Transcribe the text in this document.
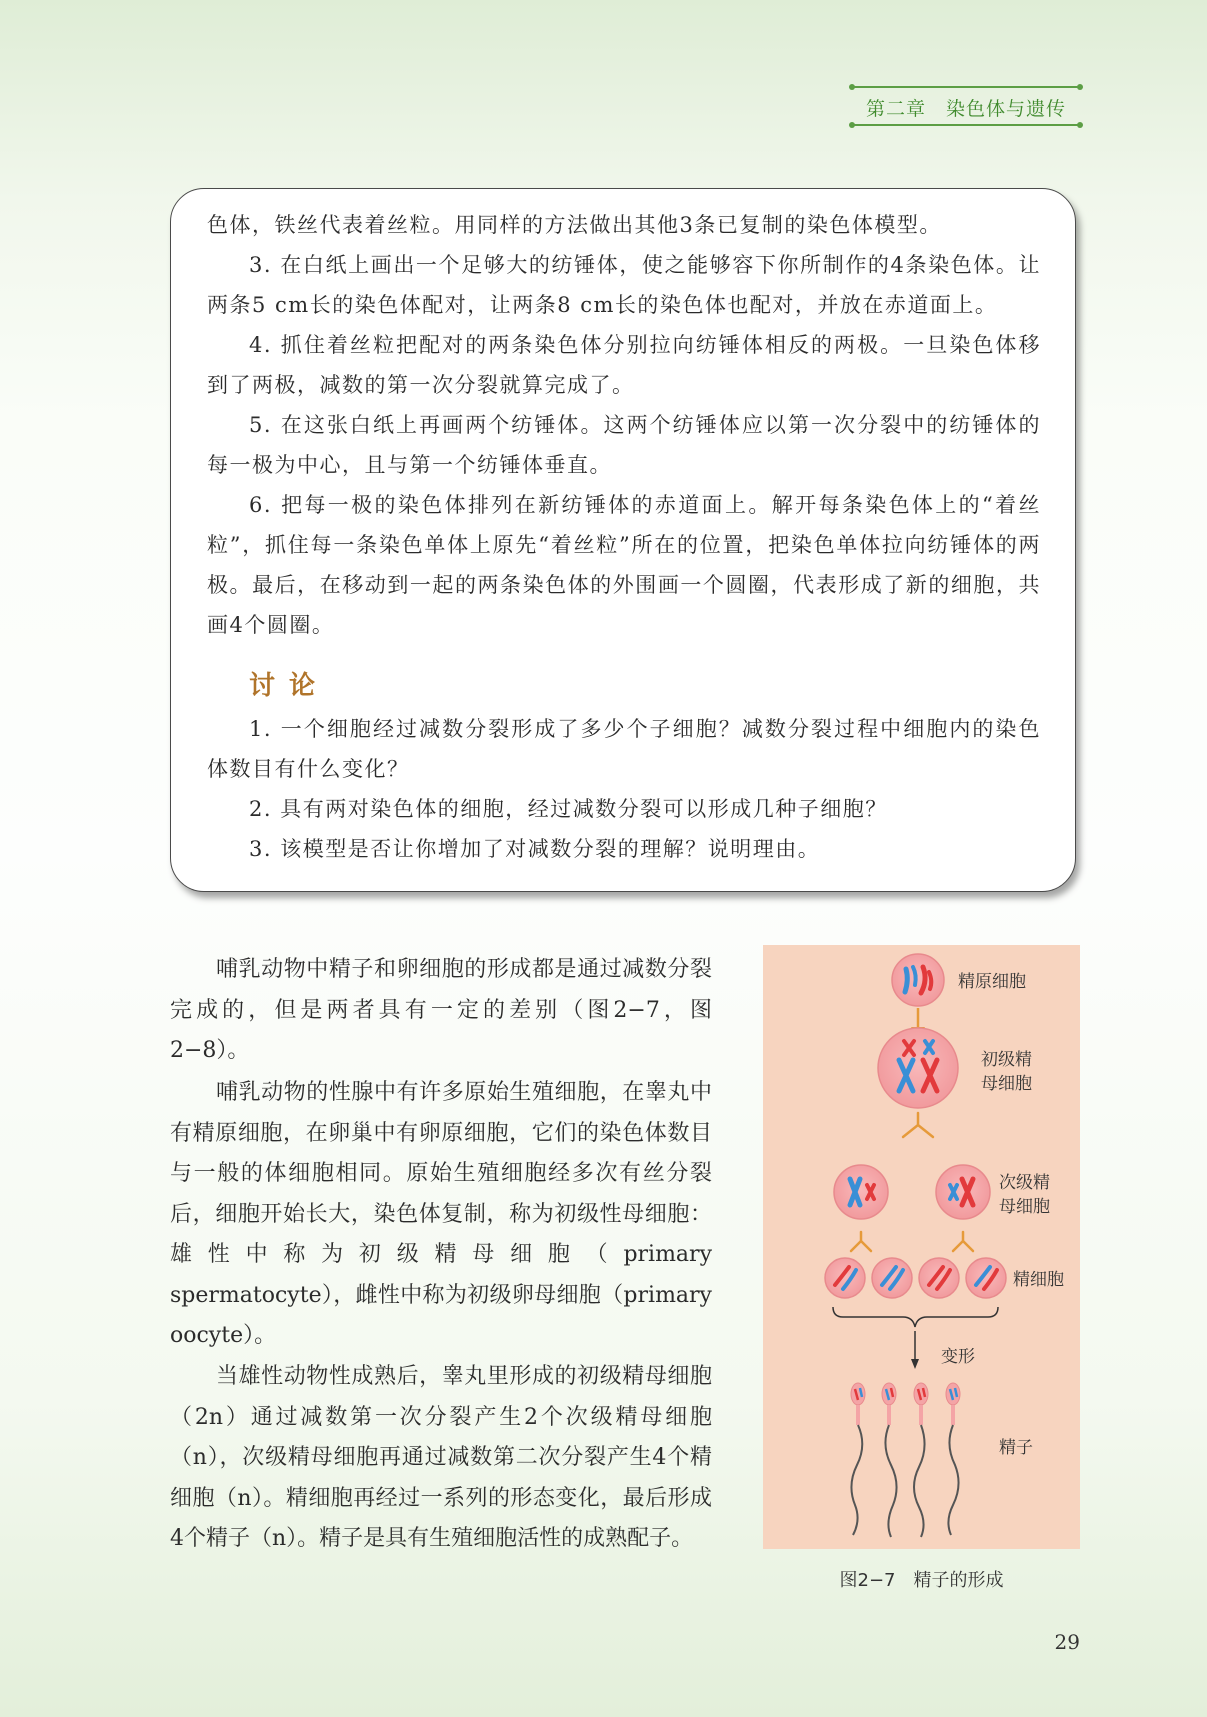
第二章　染色体与遗传
色体，铁丝代表着丝粒。用同样的方法做出其他3条已复制的染色体模型。
3. 在白纸上画出一个足够大的纺锤体，使之能够容下你所制作的4条染色体。让两条5 cm长的染色体配对，让两条8 cm长的染色体也配对，并放在赤道面上。
4. 抓住着丝粒把配对的两条染色体分别拉向纺锤体相反的两极。一旦染色体移到了两极，减数的第一次分裂就算完成了。
5. 在这张白纸上再画两个纺锤体。这两个纺锤体应以第一次分裂中的纺锤体的每一极为中心，且与第一个纺锤体垂直。
6. 把每一极的染色体排列在新纺锤体的赤道面上。解开每条染色体上的“着丝粒”，抓住每一条染色单体上原先“着丝粒”所在的位置，把染色单体拉向纺锤体的两极。最后，在移动到一起的两条染色体的外围画一个圆圈，代表形成了新的细胞，共画4个圆圈。
讨论
1. 一个细胞经过减数分裂形成了多少个子细胞？减数分裂过程中细胞内的染色体数目有什么变化？
2. 具有两对染色体的细胞，经过减数分裂可以形成几种子细胞？
3. 该模型是否让你增加了对减数分裂的理解？说明理由。
哺乳动物中精子和卵细胞的形成都是通过减数分裂完成的，但是两者具有一定的差别（图2−7，图2−8）。
哺乳动物的性腺中有许多原始生殖细胞，在睾丸中有精原细胞，在卵巢中有卵原细胞，它们的染色体数目与一般的体细胞相同。原始生殖细胞经多次有丝分裂后，细胞开始长大，染色体复制，称为初级性母细胞：雄性中称为初级精母细胞（primary spermatocyte），雌性中称为初级卵母细胞（primary oocyte）。
当雄性动物性成熟后，睾丸里形成的初级精母细胞（2n）通过减数第一次分裂产生2个次级精母细胞（n），次级精母细胞再通过减数第二次分裂产生4个精细胞（n）。精细胞再经过一系列的形态变化，最后形成4个精子（n）。精子是具有生殖细胞活性的成熟配子。
精原细胞
初级精
母细胞
次级精
母细胞
精细胞
变形
精子
图2−7　精子的形成
29
